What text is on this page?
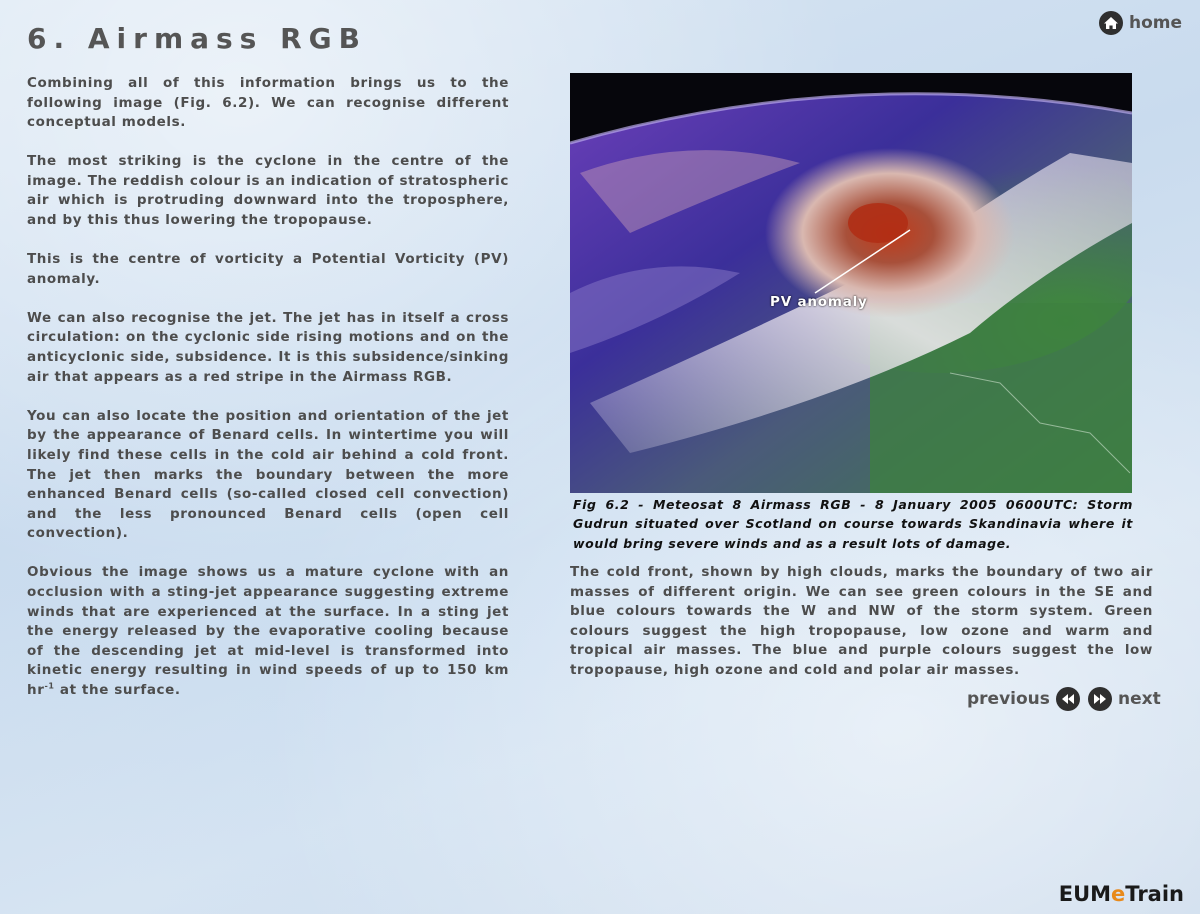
6. Airmass RGB	home

Combining all of this information brings us to the following image (Fig. 6.2). We can recognise different conceptual models.

The most striking is the cyclone in the centre of the image. The reddish colour is an indication of stratospheric air which is protruding downward into the troposphere, and by this thus lowering the tropopause.

This is the centre of vorticity a Potential Vorticity (PV) anomaly.

We can also recognise the jet. The jet has in itself a cross circulation: on the cyclonic side rising motions and on the anticyclonic side, subsidence. It is this subsidence/sinking air that appears as a red stripe in the Airmass RGB.

You can also locate the position and orientation of the jet by the appearance of Benard cells. In wintertime you will likely find these cells in the cold air behind a cold front. The jet then marks the boundary between the more enhanced Benard cells (so-called closed cell convection) and the less pronounced Benard cells (open cell convection).

Obvious the image shows us a mature cyclone with an occlusion with a sting-jet appearance suggesting extreme winds that are experienced at the surface. In a sting jet the energy released by the evaporative cooling because of the descending jet at mid-level is transformed into kinetic energy resulting in wind speeds of up to 150 km $hr^{-1}$ at the surface.

PV anomaly

Fig 6.2 - Meteosat 8 Airmass RGB - 8 January 2005 0600UTC: Storm Gudrun situated over Scotland on course towards Skandinavia where it would bring severe winds and as a result lots of damage.

The cold front, shown by high clouds, marks the boundary of two air masses of different origin. We can see green colours in the SE and blue colours towards the W and NW of the storm system. Green colours suggest the high tropopause, low ozone and warm and tropical air masses. The blue and purple colours suggest the low tropopause, high ozone and cold and polar air masses.

previous	next
EUMeTrain
